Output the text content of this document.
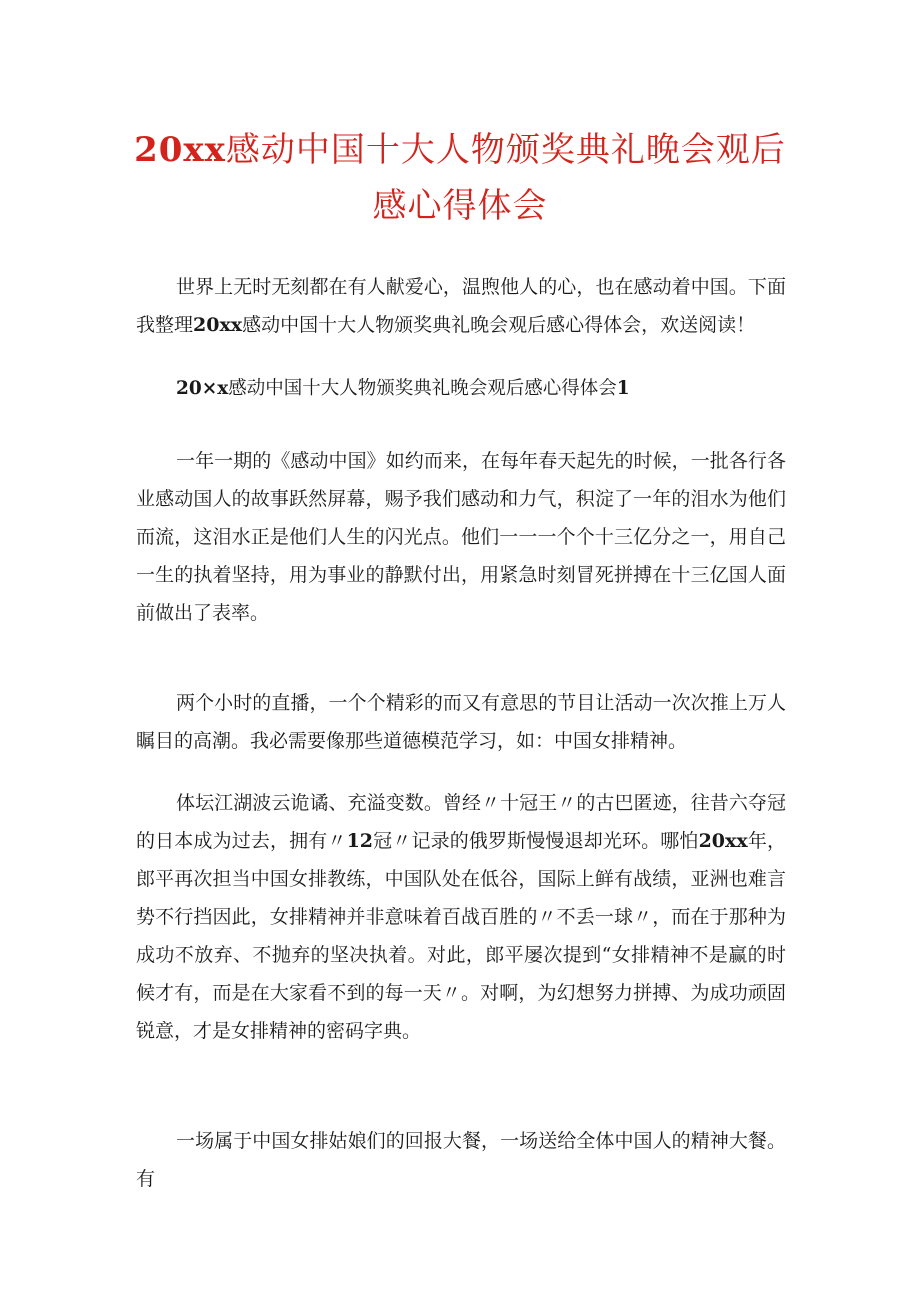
20xx感动中国十大人物颁奖典礼晚会观后
感心得体会

世界上无时无刻都在有人献爱心，温煦他人的心，也在感动着中国。下面我整理20xx感动中国十大人物颁奖典礼晚会观后感心得体会，欢送阅读！

20×x感动中国十大人物颁奖典礼晚会观后感心得体会1

一年一期的《感动中国》如约而来，在每年春天起先的时候，一批各行各业感动国人的故事跃然屏幕，赐予我们感动和力气，积淀了一年的泪水为他们而流，这泪水正是他们人生的闪光点。他们一一一个个十三亿分之一，用自己一生的执着坚持，用为事业的静默付出，用紧急时刻冒死拼搏在十三亿国人面前做出了表率。

两个小时的直播，一个个精彩的而又有意思的节目让活动一次次推上万人瞩目的高潮。我必需要像那些道德模范学习，如：中国女排精神。

体坛江湖波云诡谲、充溢变数。曾经〃十冠王〃的古巴匿迹，往昔六夺冠的日本成为过去，拥有〃12冠〃记录的俄罗斯慢慢退却光环。哪怕20xx年，郎平再次担当中国女排教练，中国队处在低谷，国际上鲜有战绩，亚洲也难言势不行挡因此，女排精神并非意味着百战百胜的〃不丢一球〃，而在于那种为成功不放弃、不抛弃的坚决执着。对此，郎平屡次提到“女排精神不是赢的时候才有，而是在大家看不到的每一天〃。对啊，为幻想努力拼搏、为成功顽固锐意，才是女排精神的密码字典。

一场属于中国女排姑娘们的回报大餐，一场送给全体中国人的精神大餐。有
